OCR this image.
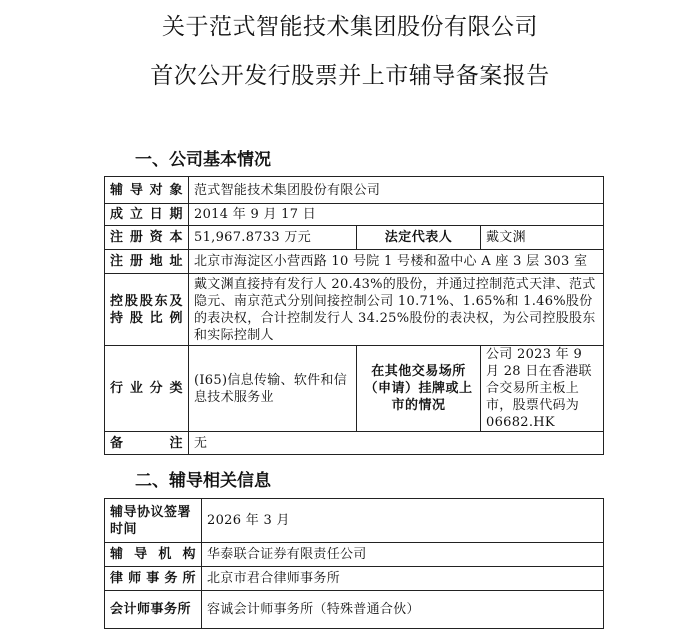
关于范式智能技术集团股份有限公司
首次公开发行股票并上市辅导备案报告
一、公司基本情况
辅导对象	范式智能技术集团股份有限公司		
成立日期	2014 年 9 月 17 日		
注册资本	51,967.8733 万元	法定代表人	戴文渊
注册地址	北京市海淀区小营西路 10 号院 1 号楼和盈中心 A 座 3 层 303 室		
控股股东及持股比例	戴文渊直接持有发行人 20.43%的股份，并通过控制范式天津、范式隐元、南京范式分别间接控制公司 10.71%、1.65%和 1.46%股份的表决权，合计控制发行人 34.25%股份的表决权，为公司控股股东和实际控制人		
行业分类	(I65)信息传输、软件和信息技术服务业	在其他交易场所（申请）挂牌或上市的情况	公司 2023 年 9 月 28 日在香港联合交易所主板上市，股票代码为 06682.HK
备注	无		
二、辅导相关信息
辅导协议签署时间	2026 年 3 月
辅导机构	华泰联合证券有限责任公司
律师事务所	北京市君合律师事务所
会计师事务所	容诚会计师事务所（特殊普通合伙）
